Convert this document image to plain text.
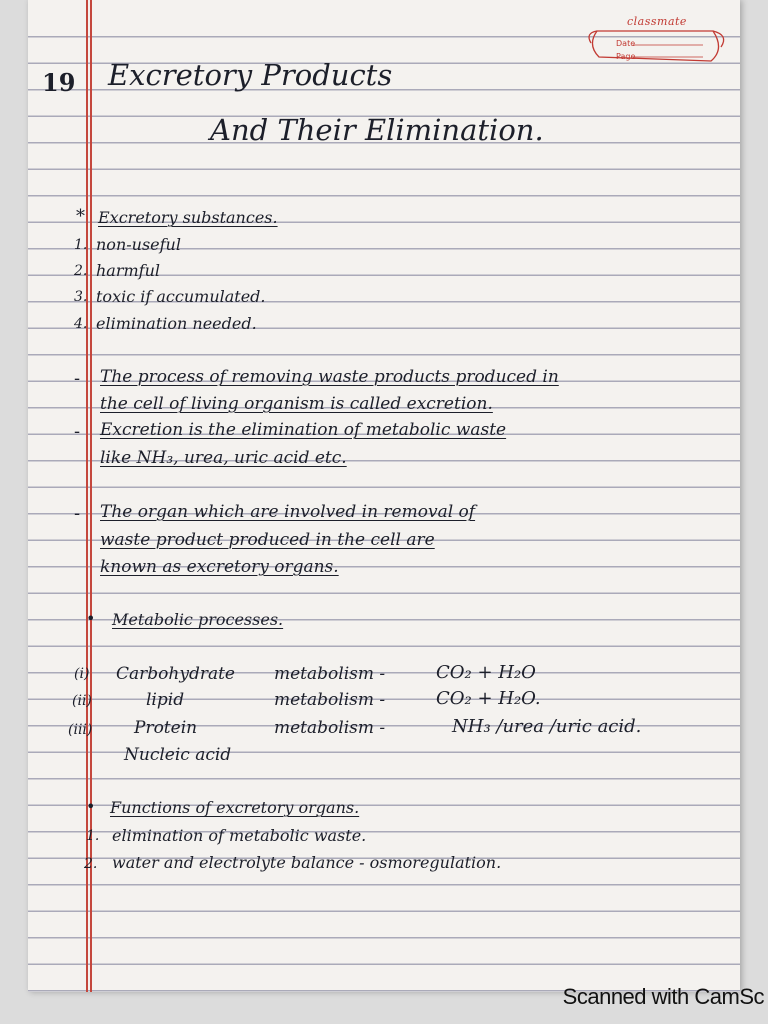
classmate
Date
Page
19 Excretory Products
And Their Elimination.
* Excretory substances.
1. non-useful
2. harmful
3. toxic if accumulated.
4. elimination needed.
- The process of removing waste products produced in
the cell of living organism is called excretion.
- Excretion is the elimination of metabolic waste
like NH₃, urea, uric acid etc.
- The organ which are involved in removal of
waste product produced in the cell are
known as excretory organs.
• Metabolic processes.
(i) Carbohydrate metabolism -	CO₂ + H₂O
(ii)	lipid	metabolism -	CO₂ + H₂O.
(iii) Protein	metabolism -	NH₃ /urea /uric acid.
Nucleic acid
• Functions of excretory organs.
1. elimination of metabolic waste.
2. water and electrolyte balance - osmoregulation.
Scanned with CamSc
